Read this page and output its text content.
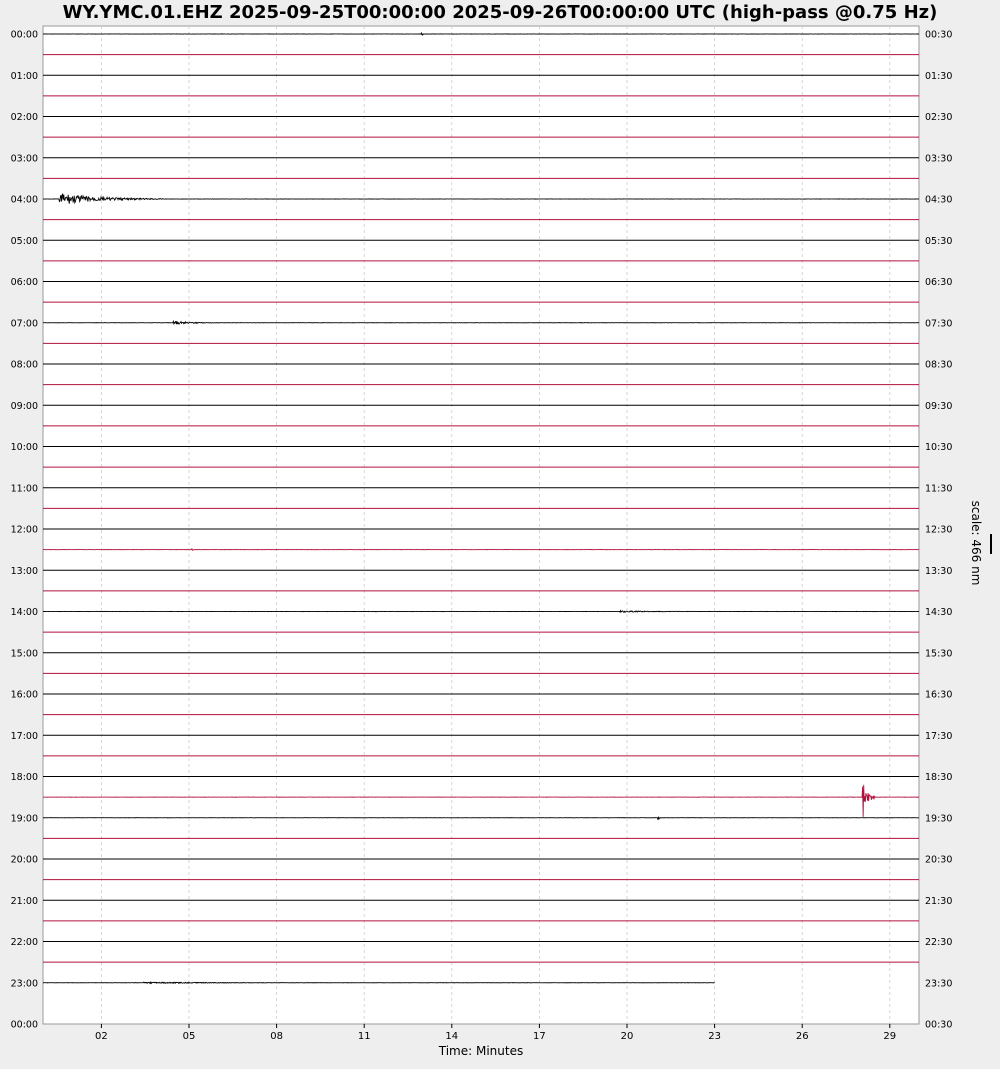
WY.YMC.01.EHZ 2025-09-25T00:00:00 2025-09-26T00:00:00 UTC (high-pass @0.75 Hz)
00:00
01:00
02:00
03:00
04:00
05:00
06:00
07:00
08:00
09:00
10:00
11:00
12:00
13:00
14:00
15:00
16:00
17:00
18:00
19:00
20:00
21:00
22:00
23:00
00:00
00:30
01:30
02:30
03:30
04:30
05:30
06:30
07:30
08:30
09:30
10:30
11:30
12:30
13:30
14:30
15:30
16:30
17:30
18:30
19:30
20:30
21:30
22:30
23:30
00:30
02	05	08	11	14	17	20	23	26	29
Time: Minutes
scale: 466 nm
